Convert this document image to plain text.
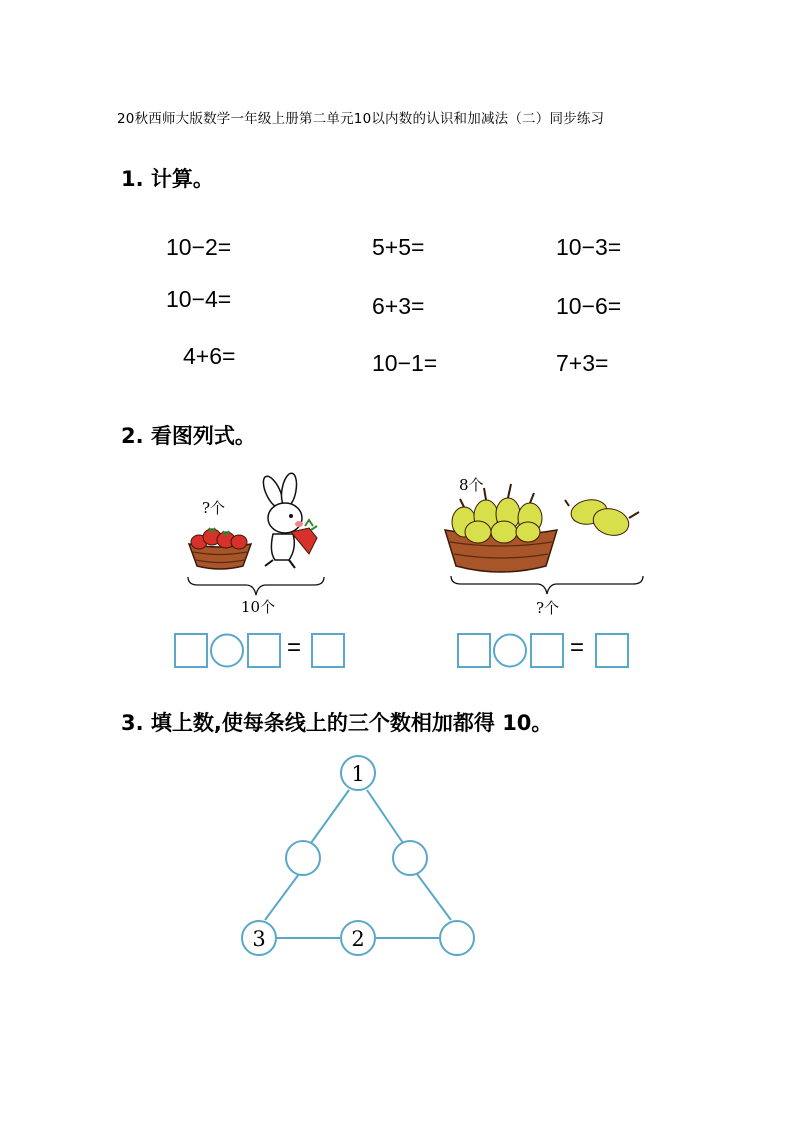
20秋西师大版数学一年级上册第二单元10以内数的认识和加减法（二）同步练习
1. 计算。
10−2=	5+5=	10−3=
10−4=	6+3=	10−6=
4+6=	10−1=	7+3=
2. 看图列式。
?个
10个
=
8个
?个
=
3. 填上数,使每条线上的三个数相加都得 10。
1
3	2
